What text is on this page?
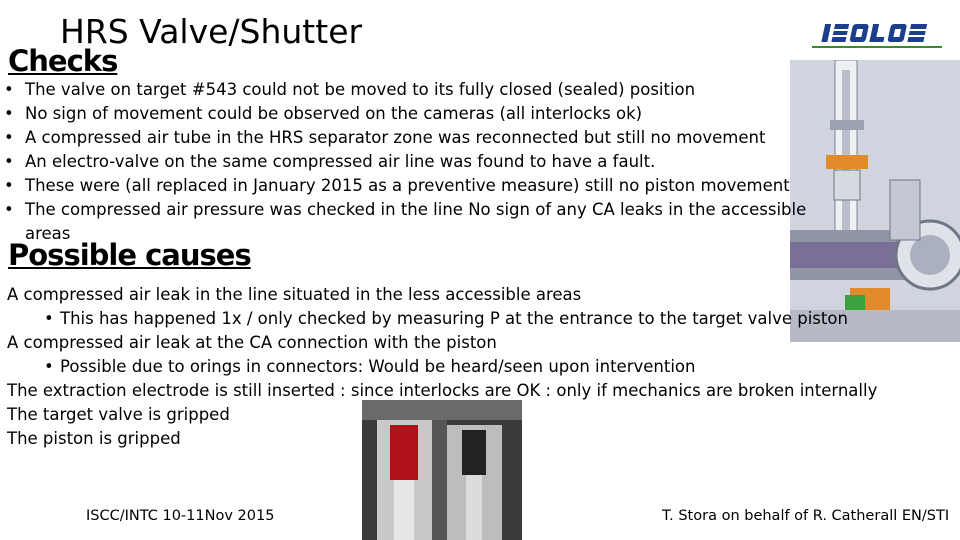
HRS Valve/Shutter
Checks
• The valve on target #543 could not be moved to its fully closed (sealed) position
• No sign of movement could be observed on the cameras (all interlocks ok)
• A compressed air tube in the HRS separator zone was reconnected but still no movement
• An electro-valve on the same compressed air line was found to have a fault.
• These were (all replaced in January 2015 as a preventive measure) still no piston movement
• The compressed air pressure was checked in the line No sign of any CA leaks in the accessible
areas
Possible causes
A compressed air leak in the line situated in the less accessible areas
• This has happened 1x / only checked by measuring P at the entrance to the target valve piston
A compressed air leak at the CA connection with the piston
• Possible due to orings in connectors: Would be heard/seen upon intervention
The extraction electrode is still inserted : since interlocks are OK : only if mechanics are broken internally
The target valve is gripped
The piston is gripped
ISCC/INTC 10-11Nov 2015	T. Stora on behalf of R. Catherall EN/STI
